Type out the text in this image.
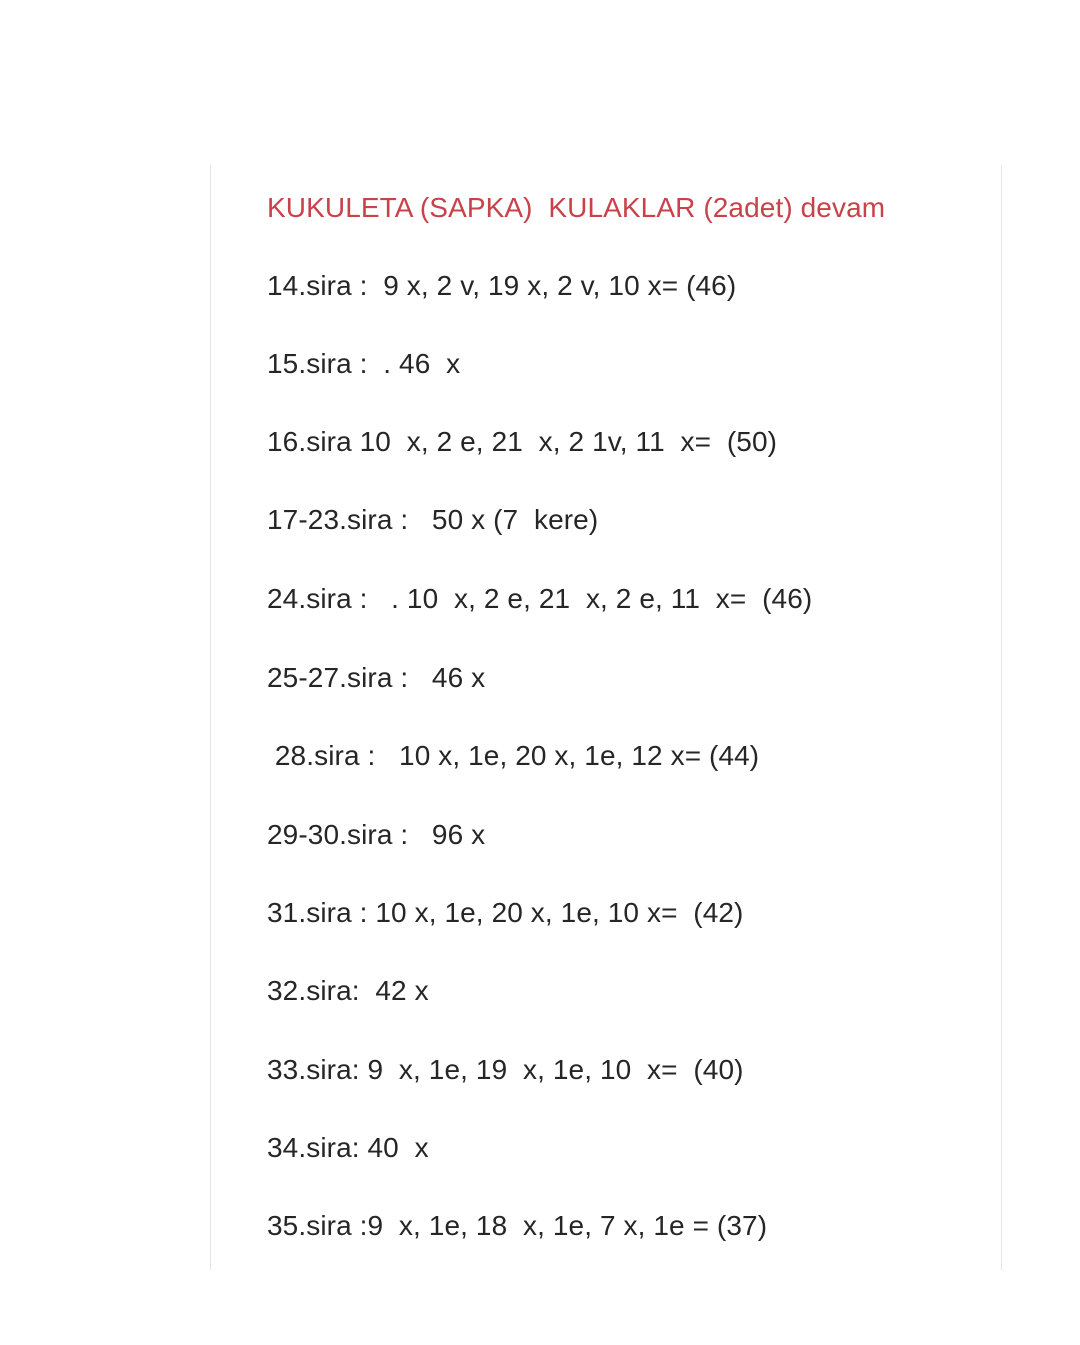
KUKULETA (SAPKA)  KULAKLAR (2adet) devam
14.sira :  9 x, 2 v, 19 x, 2 v, 10 x= (46)
15.sira :  . 46  x
16.sira 10  x, 2 e, 21  x, 2 1v, 11  x=  (50)
17-23.sira :   50 x (7  kere)
24.sira :   . 10  x, 2 e, 21  x, 2 e, 11  x=  (46)
25-27.sira :   46 x
28.sira :   10 x, 1e, 20 x, 1e, 12 x= (44)
29-30.sira :   96 x
31.sira : 10 x, 1e, 20 x, 1e, 10 x=  (42)
32.sira:  42 x
33.sira: 9  x, 1e, 19  x, 1e, 10  x=  (40)
34.sira: 40  x
35.sira :9  x, 1e, 18  x, 1e, 7 x, 1e = (37)
